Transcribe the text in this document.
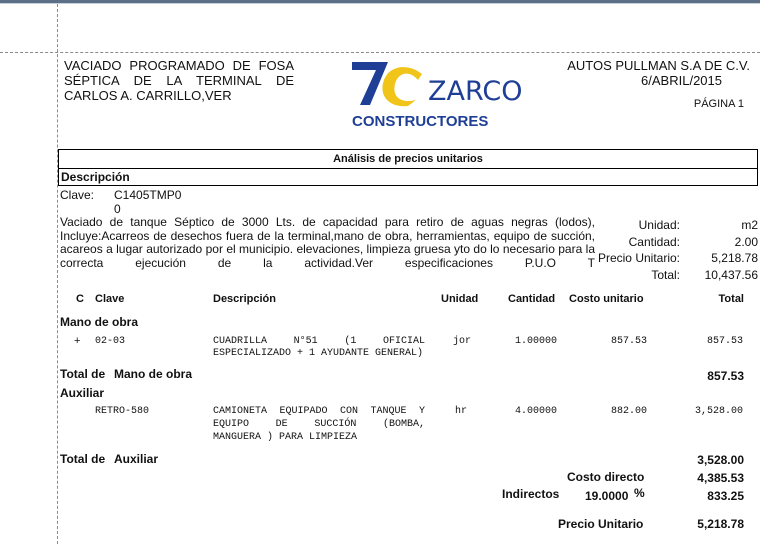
VACIADO PROGRAMADO DE FOSA
SÉPTICA DE LA TERMINAL DE
CARLOS A. CARRILLO,VER	ZARCO
CONSTRUCTORES
AUTOS PULLMAN S.A DE C.V.
6/ABRIL/2015
PÁGINA 1
Análisis de precios unitarios
Descripción
Clave: C1405TMP0
0
Vaciado de tanque Séptico de 3000 Lts. de capacidad para retiro de aguas negras (lodos), Incluye:Acarreos de desechos fuera de la terminal,mano de obra, herramientas, equipo de succión, acareos a lugar autorizado por el municipio. elevaciones, limpieza gruesa yto do lo necesario para la correcta ejecución de la actividad.Ver especificaciones P.U.O T
Unidad:	m2
Cantidad:	2.00
Precio Unitario:	5,218.78
Total: 10,437.56
C Clave	Descripción	Unidad	Cantidad Costo unitario	Total
Mano de obra
+ 02-03	CUADRILLA N°51 (1 OFICIAL
ESPECIALIZADO + 1 AYUDANTE GENERAL)
jor	1.00000	857.53	857.53
Total de Mano de obra	857.53
Auxiliar
RETRO-580	CAMIONETA EQUIPADO CON TANQUE Y
EQUIPO DE SUCCIÓN (BOMBA,
MANGUERA ) PARA LIMPIEZA
hr	4.00000	882.00	3,528.00
Total de Auxiliar	3,528.00
Costo directo	4,385.53
Indirectos 19.0000 %	833.25
Precio Unitario	5,218.78
